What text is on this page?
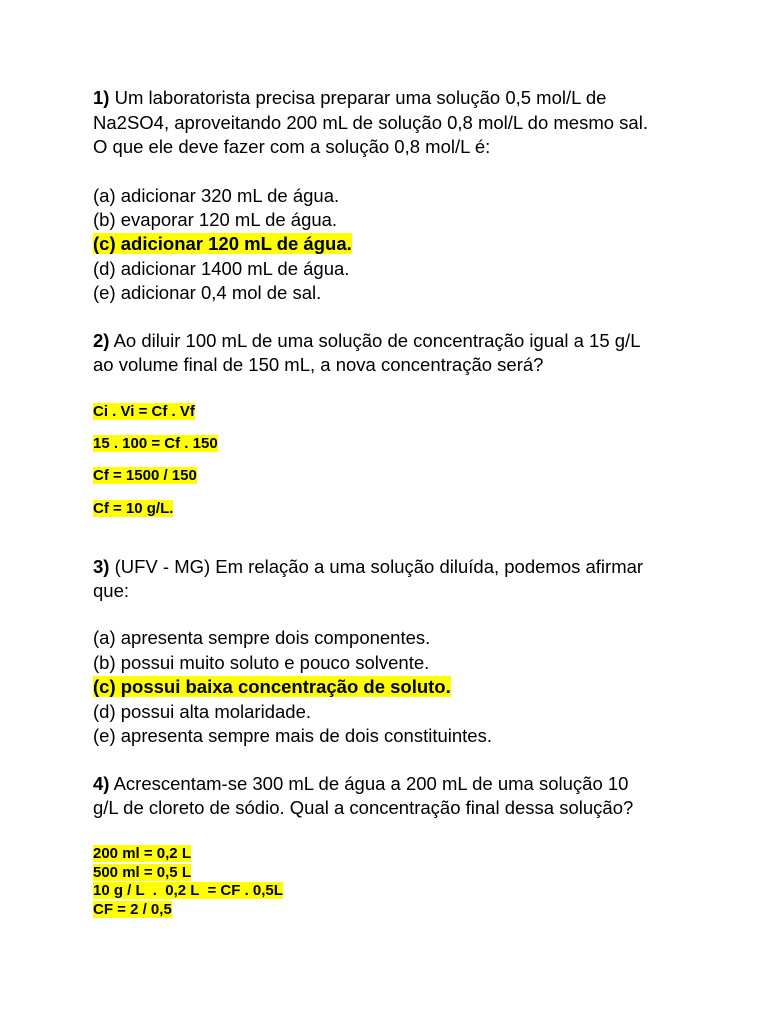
1) Um laboratorista precisa preparar uma solução 0,5 mol/L de
Na2SO4, aproveitando 200 mL de solução 0,8 mol/L do mesmo sal.
O que ele deve fazer com a solução 0,8 mol/L é:
(a) adicionar 320 mL de água.
(b) evaporar 120 mL de água.
(c) adicionar 120 mL de água.
(d) adicionar 1400 mL de água.
(e) adicionar 0,4 mol de sal.
2) Ao diluir 100 mL de uma solução de concentração igual a 15 g/L
ao volume final de 150 mL, a nova concentração será?
Ci . Vi = Cf . Vf
15 . 100 = Cf . 150
Cf = 1500 / 150
Cf = 10 g/L.
3) (UFV - MG) Em relação a uma solução diluída, podemos afirmar
que:
(a) apresenta sempre dois componentes.
(b) possui muito soluto e pouco solvente.
(c) possui baixa concentração de soluto.
(d) possui alta molaridade.
(e) apresenta sempre mais de dois constituintes.
4) Acrescentam-se 300 mL de água a 200 mL de uma solução 10
g/L de cloreto de sódio. Qual a concentração final dessa solução?
200 ml = 0,2 L
500 ml = 0,5 L
10 g / L  .  0,2 L  = CF . 0,5L
CF = 2 / 0,5
